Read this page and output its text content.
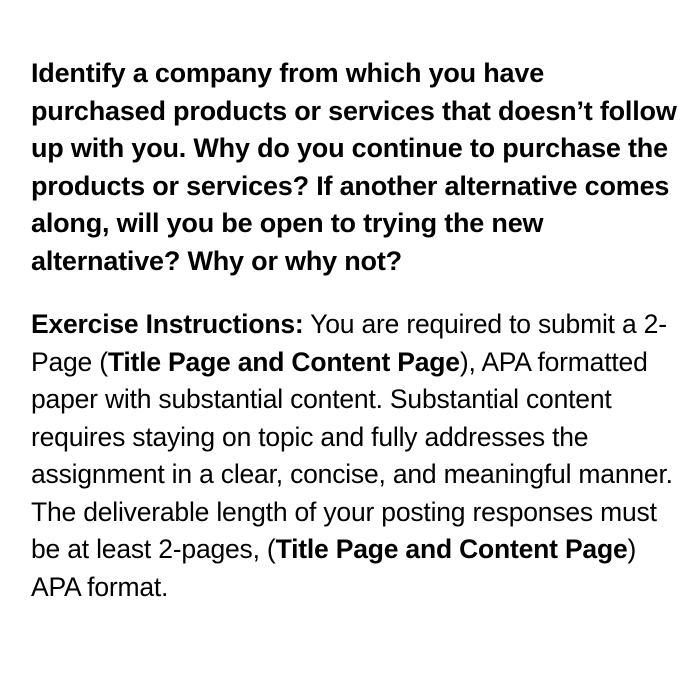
Identify a company from which you have purchased products or services that doesn’t follow up with you. Why do you continue to purchase the products or services? If another alternative comes along, will you be open to trying the new alternative? Why or why not?

Exercise Instructions: You are required to submit a 2-Page (Title Page and Content Page), APA formatted paper with substantial content. Substantial content requires staying on topic and fully addresses the assignment in a clear, concise, and meaningful manner. The deliverable length of your posting responses must be at least 2-pages, (Title Page and Content Page) APA format.
